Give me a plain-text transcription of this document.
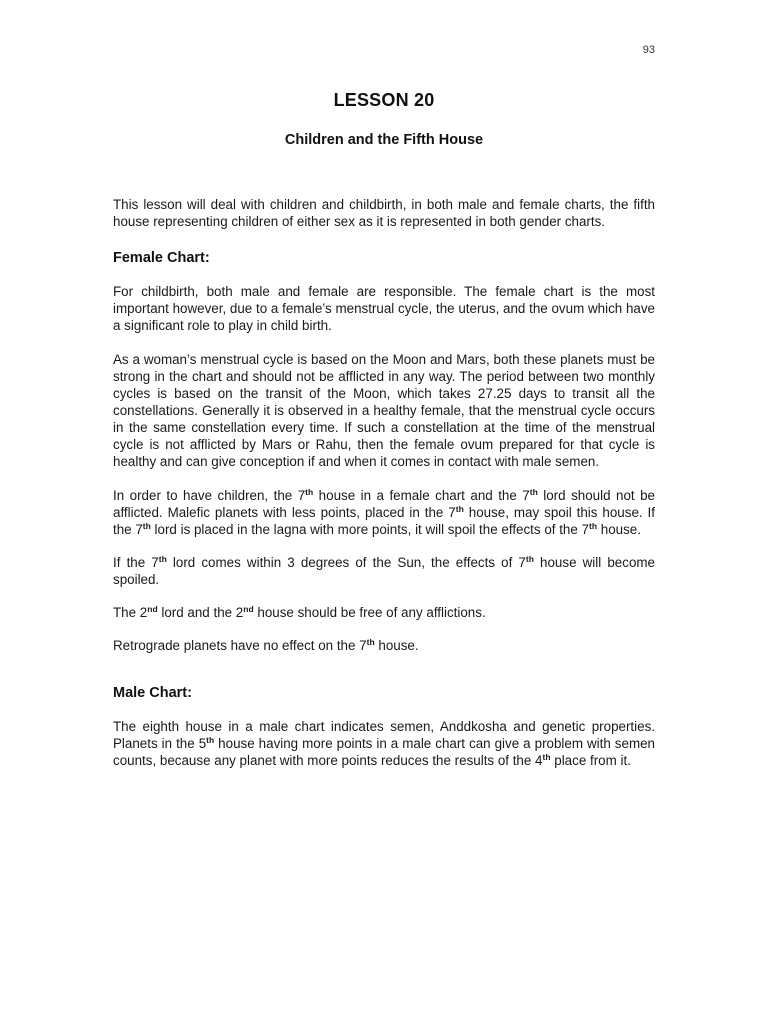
93
LESSON 20
Children and the Fifth House

This lesson will deal with children and childbirth, in both male and female charts, the fifth house representing children of either sex as it is represented in both gender charts.

Female Chart:

For childbirth, both male and female are responsible. The female chart is the most important however, due to a female’s menstrual cycle, the uterus, and the ovum which have a significant role to play in child birth.

As a woman’s menstrual cycle is based on the Moon and Mars, both these planets must be strong in the chart and should not be afflicted in any way. The period between two monthly cycles is based on the transit of the Moon, which takes 27.25 days to transit all the constellations. Generally it is observed in a healthy female, that the menstrual cycle occurs in the same constellation every time. If such a constellation at the time of the menstrual cycle is not afflicted by Mars or Rahu, then the female ovum prepared for that cycle is healthy and can give conception if and when it comes in contact with male semen.

In order to have children, the 7th house in a female chart and the 7th lord should not be afflicted. Malefic planets with less points, placed in the 7th house, may spoil this house. If the 7th lord is placed in the lagna with more points, it will spoil the effects of the 7th house.

If the 7th lord comes within 3 degrees of the Sun, the effects of 7th house will become spoiled.

The 2nd lord and the 2nd house should be free of any afflictions.

Retrograde planets have no effect on the 7th house.

Male Chart:

The eighth house in a male chart indicates semen, Anddkosha and genetic properties. Planets in the 5th house having more points in a male chart can give a problem with semen counts, because any planet with more points reduces the results of the 4th place from it.
